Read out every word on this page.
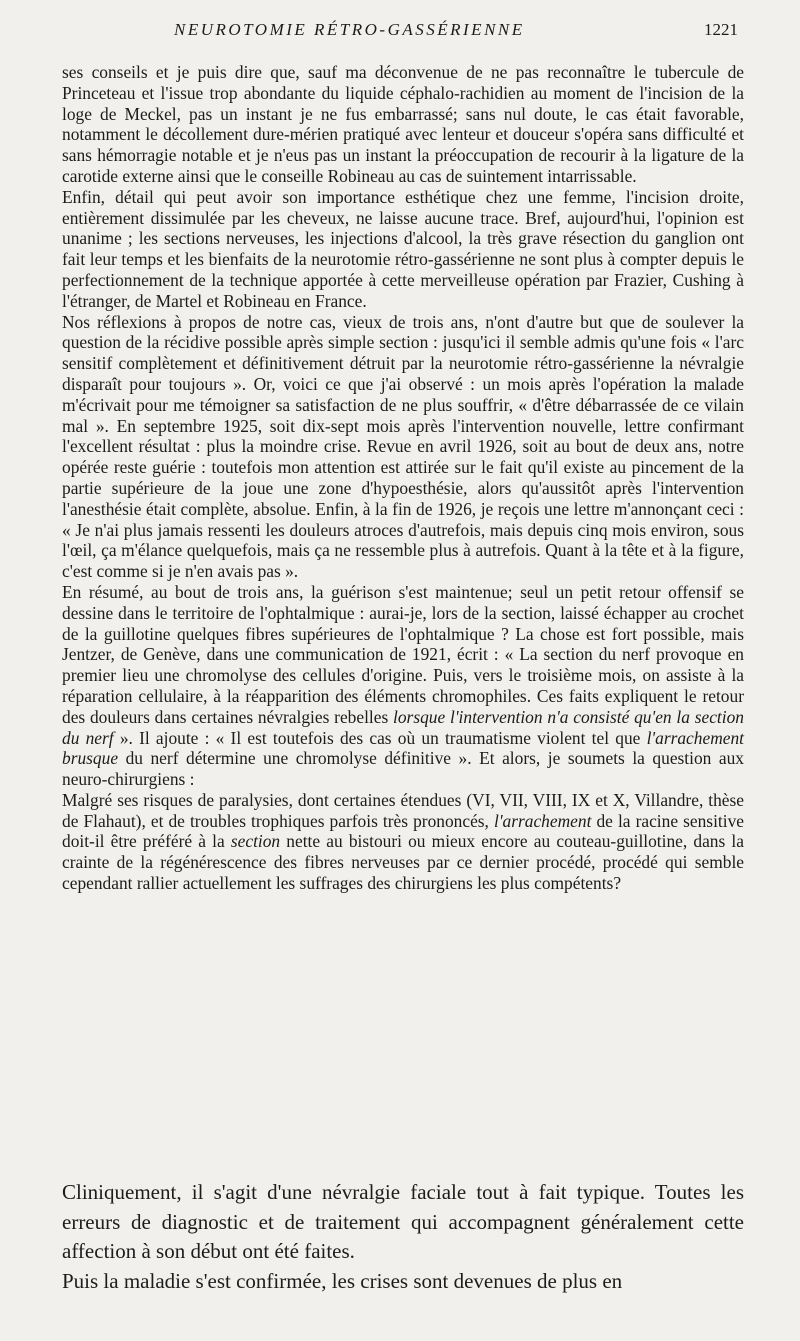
NEUROTOMIE RÉTRO-GASSÉRIENNE	1221

ses conseils et je puis dire que, sauf ma déconvenue de ne pas reconnaître le tubercule de Princeteau et l'issue trop abondante du liquide céphalo-rachidien au moment de l'incision de la loge de Meckel, pas un instant je ne fus embarrassé; sans nul doute, le cas était favorable, notamment le décollement dure-mérien pratiqué avec lenteur et douceur s'opéra sans difficulté et sans hémorragie notable et je n'eus pas un instant la préoccupation de recourir à la ligature de la carotide externe ainsi que le conseille Robineau au cas de suintement intarrissable.

Enfin, détail qui peut avoir son importance esthétique chez une femme, l'incision droite, entièrement dissimulée par les cheveux, ne laisse aucune trace. Bref, aujourd'hui, l'opinion est unanime ; les sections nerveuses, les injections d'alcool, la très grave résection du ganglion ont fait leur temps et les bienfaits de la neurotomie rétro-gassérienne ne sont plus à compter depuis le perfectionnement de la technique apportée à cette merveilleuse opération par Frazier, Cushing à l'étranger, de Martel et Robineau en France.

Nos réflexions à propos de notre cas, vieux de trois ans, n'ont d'autre but que de soulever la question de la récidive possible après simple section : jusqu'ici il semble admis qu'une fois « l'arc sensitif complètement et définitivement détruit par la neurotomie rétro-gassérienne la névralgie disparaît pour toujours ». Or, voici ce que j'ai observé : un mois après l'opération la malade m'écrivait pour me témoigner sa satisfaction de ne plus souffrir, « d'être débarrassée de ce vilain mal ». En septembre 1925, soit dix-sept mois après l'intervention nouvelle, lettre confirmant l'excellent résultat : plus la moindre crise. Revue en avril 1926, soit au bout de deux ans, notre opérée reste guérie : toutefois mon attention est attirée sur le fait qu'il existe au pincement de la partie supérieure de la joue une zone d'hypoesthésie, alors qu'aussitôt après l'intervention l'anesthésie était complète, absolue. Enfin, à la fin de 1926, je reçois une lettre m'annonçant ceci : « Je n'ai plus jamais ressenti les douleurs atroces d'autrefois, mais depuis cinq mois environ, sous l'œil, ça m'élance quelquefois, mais ça ne ressemble plus à autrefois. Quant à la tête et à la figure, c'est comme si je n'en avais pas ».

En résumé, au bout de trois ans, la guérison s'est maintenue; seul un petit retour offensif se dessine dans le territoire de l'ophtalmique : aurai-je, lors de la section, laissé échapper au crochet de la guillotine quelques fibres supérieures de l'ophtalmique ? La chose est fort possible, mais Jentzer, de Genève, dans une communication de 1921, écrit : « La section du nerf provoque en premier lieu une chromolyse des cellules d'origine. Puis, vers le troisième mois, on assiste à la réparation cellulaire, à la réapparition des éléments chromophiles. Ces faits expliquent le retour des douleurs dans certaines névralgies rebelles lorsque l'intervention n'a consisté qu'en la section du nerf ». Il ajoute : « Il est toutefois des cas où un traumatisme violent tel que l'arrachement brusque du nerf détermine une chromolyse définitive ». Et alors, je soumets la question aux neuro-chirurgiens :

Malgré ses risques de paralysies, dont certaines étendues (VI, VII, VIII, IX et X, Villandre, thèse de Flahaut), et de troubles trophiques parfois très prononcés, l'arrachement de la racine sensitive doit-il être préféré à la section nette au bistouri ou mieux encore au couteau-guillotine, dans la crainte de la régénérescence des fibres nerveuses par ce dernier procédé, procédé qui semble cependant rallier actuellement les suffrages des chirurgiens les plus compétents?

Cliniquement, il s'agit d'une névralgie faciale tout à fait typique. Toutes les erreurs de diagnostic et de traitement qui accompagnent généralement cette affection à son début ont été faites.

Puis la maladie s'est confirmée, les crises sont devenues de plus en
